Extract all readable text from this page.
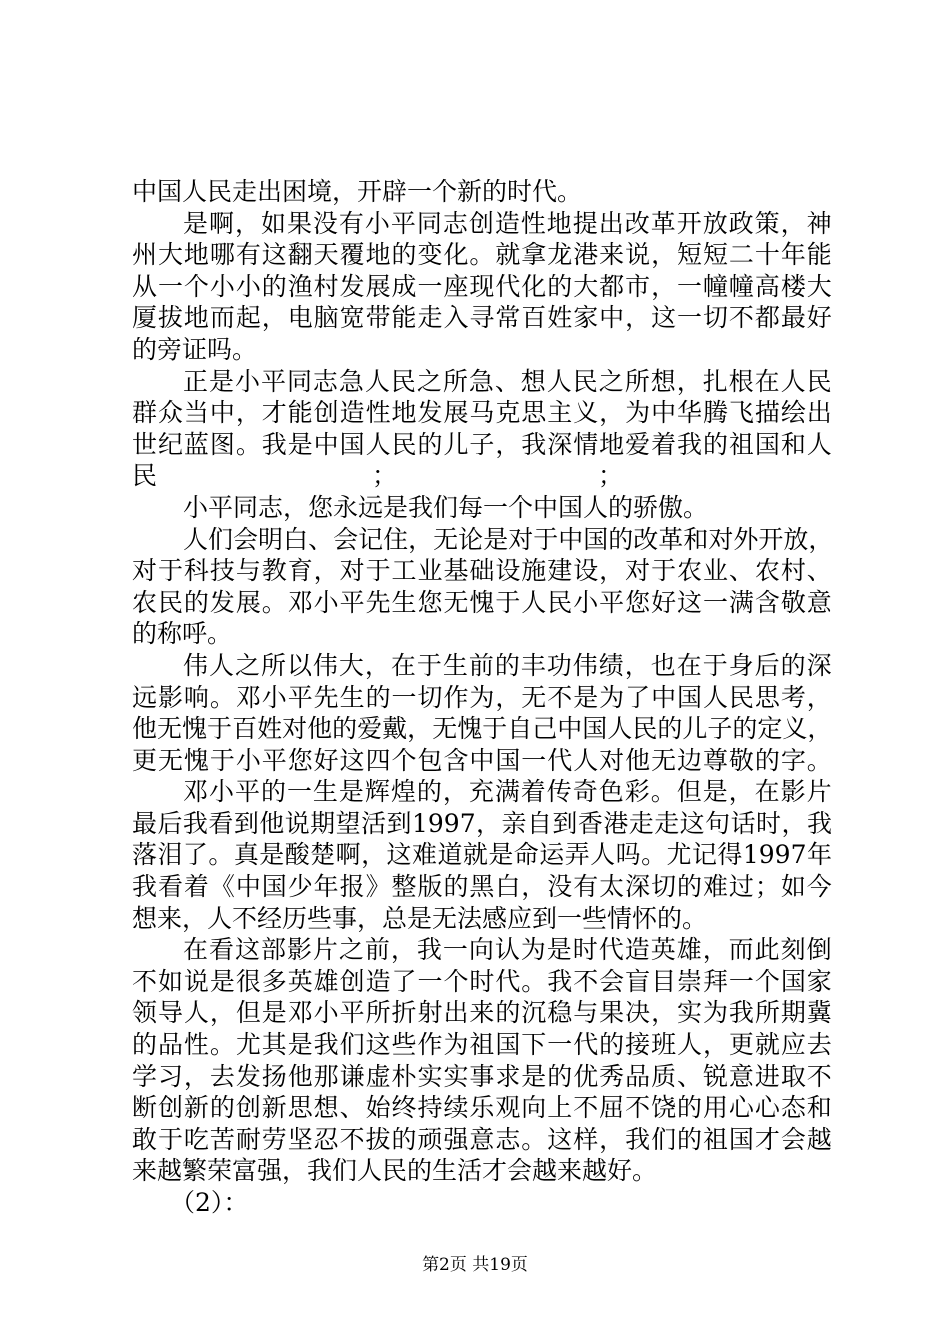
中国人民走出困境，开辟一个新的时代。
是 啊 ， 如 果 没 有 小 平 同 志 创 造 性 地 提 出 改 革 开 放 政 策 ， 神
州 大 地 哪 有 这 翻 天 覆 地 的 变 化 。 就 拿 龙 港 来 说 ， 短 短 二 十 年 能
从 一 个 小 小 的 渔 村 发 展 成 一 座 现 代 化 的 大 都 市 ， 一 幢 幢 高 楼 大
厦 拔 地 而 起 ， 电 脑 宽 带 能 走 入 寻 常 百 姓 家 中 ， 这 一 切 不 都 最 好
的旁证吗。
正 是 小 平 同 志 急 人 民 之 所 急 、 想 人 民 之 所 想 ， 扎 根 在 人 民
群 众 当 中 ， 才 能 创 造 性 地 发 展 马 克 思 主 义 ， 为 中 华 腾 飞 描 绘 出
世 纪 蓝 图 。 我 是 中 国 人 民 的 儿 子 ， 我 深 情 地 爱 着 我 的 祖 国 和 人
民	；	；
小平同志，您永远是我们每一个中国人的骄傲。
人 们 会 明 白 、 会 记 住 ， 无 论 是 对 于 中 国 的 改 革 和 对 外 开 放 ，
对 于 科 技 与 教 育 ， 对 于 工 业 基 础 设 施 建 设 ， 对 于 农 业 、 农 村 、
农 民 的 发 展 。 邓 小 平 先 生 您 无 愧 于 人 民 小 平 您 好 这 一 满 含 敬 意
的称呼。
伟 人 之 所 以 伟 大 ， 在 于 生 前 的 丰 功 伟 绩 ， 也 在 于 身 后 的 深
远 影 响 。 邓 小 平 先 生 的 一 切 作 为 ， 无 不 是 为 了 中 国 人 民 思 考 ，
他 无 愧 于 百 姓 对 他 的 爱 戴 ， 无 愧 于 自 己 中 国 人 民 的 儿 子 的 定 义 ，
更 无 愧 于 小 平 您 好 这 四 个 包 含 中 国 一 代 人 对 他 无 边 尊 敬 的 字 。
邓 小 平 的 一 生 是 辉 煌 的 ， 充 满 着 传 奇 色 彩 。 但 是 ， 在 影 片
最 后 我 看 到 他 说 期 望 活 到 1997 ， 亲 自 到 香 港 走 走 这 句 话 时 ， 我
落 泪 了 。 真 是 酸 楚 啊 ， 这 难 道 就 是 命 运 弄 人 吗 。 尤 记 得 1997 年
我 看 着 《 中 国 少 年 报 》 整 版 的 黑 白 ， 没 有 太 深 切 的 难 过 ； 如 今
想来，人不经历些事，总是无法感应到一些情怀的。
在 看 这 部 影 片 之 前 ， 我 一 向 认 为 是 时 代 造 英 雄 ， 而 此 刻 倒
不 如 说 是 很 多 英 雄 创 造 了 一 个 时 代 。 我 不 会 盲 目 崇 拜 一 个 国 家
领 导 人 ， 但 是 邓 小 平 所 折 射 出 来 的 沉 稳 与 果 决 ， 实 为 我 所 期 冀
的 品 性 。 尤 其 是 我 们 这 些 作 为 祖 国 下 一 代 的 接 班 人 ， 更 就 应 去
学 习 ， 去 发 扬 他 那 谦 虚 朴 实 实 事 求 是 的 优 秀 品 质 、 锐 意 进 取 不
断 创 新 的 创 新 思 想 、 始 终 持 续 乐 观 向 上 不 屈 不 饶 的 用 心 心 态 和
敢 于 吃 苦 耐 劳 坚 忍 不 拔 的 顽 强 意 志 。 这 样 ， 我 们 的 祖 国 才 会 越
来越繁荣富强，我们人民的生活才会越来越好。
（2）：
第2页 共19页
